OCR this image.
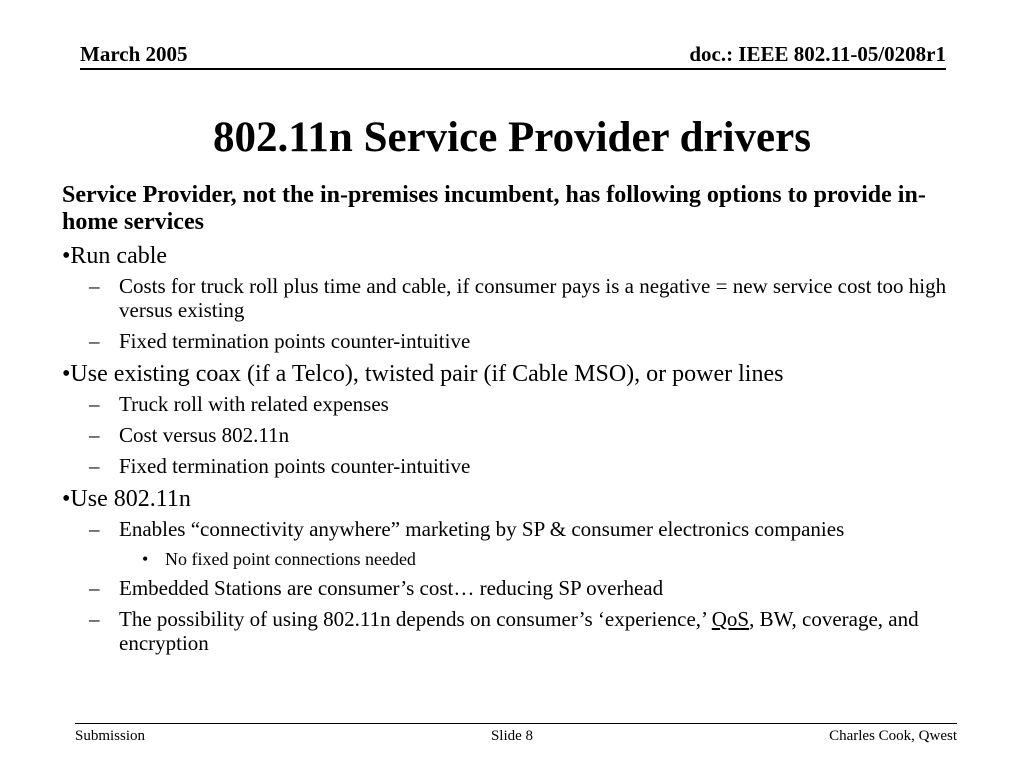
March 2005	doc.: IEEE 802.11-05/0208r1
802.11n Service Provider drivers
Service Provider, not the in-premises incumbent, has following options to provide in-home services
•Run cable
– Costs for truck roll plus time and cable, if consumer pays is a negative = new service cost too high versus existing
– Fixed termination points counter-intuitive
•Use existing coax (if a Telco), twisted pair (if Cable MSO), or power lines
– Truck roll with related expenses
– Cost versus 802.11n
– Fixed termination points counter-intuitive
•Use 802.11n
– Enables “connectivity anywhere” marketing by SP & consumer electronics companies
• No fixed point connections needed
– Embedded Stations are consumer’s cost… reducing SP overhead
– The possibility of using 802.11n depends on consumer’s ‘experience,’ QoS, BW, coverage, and encryption
Submission	Slide 8	Charles Cook, Qwest
